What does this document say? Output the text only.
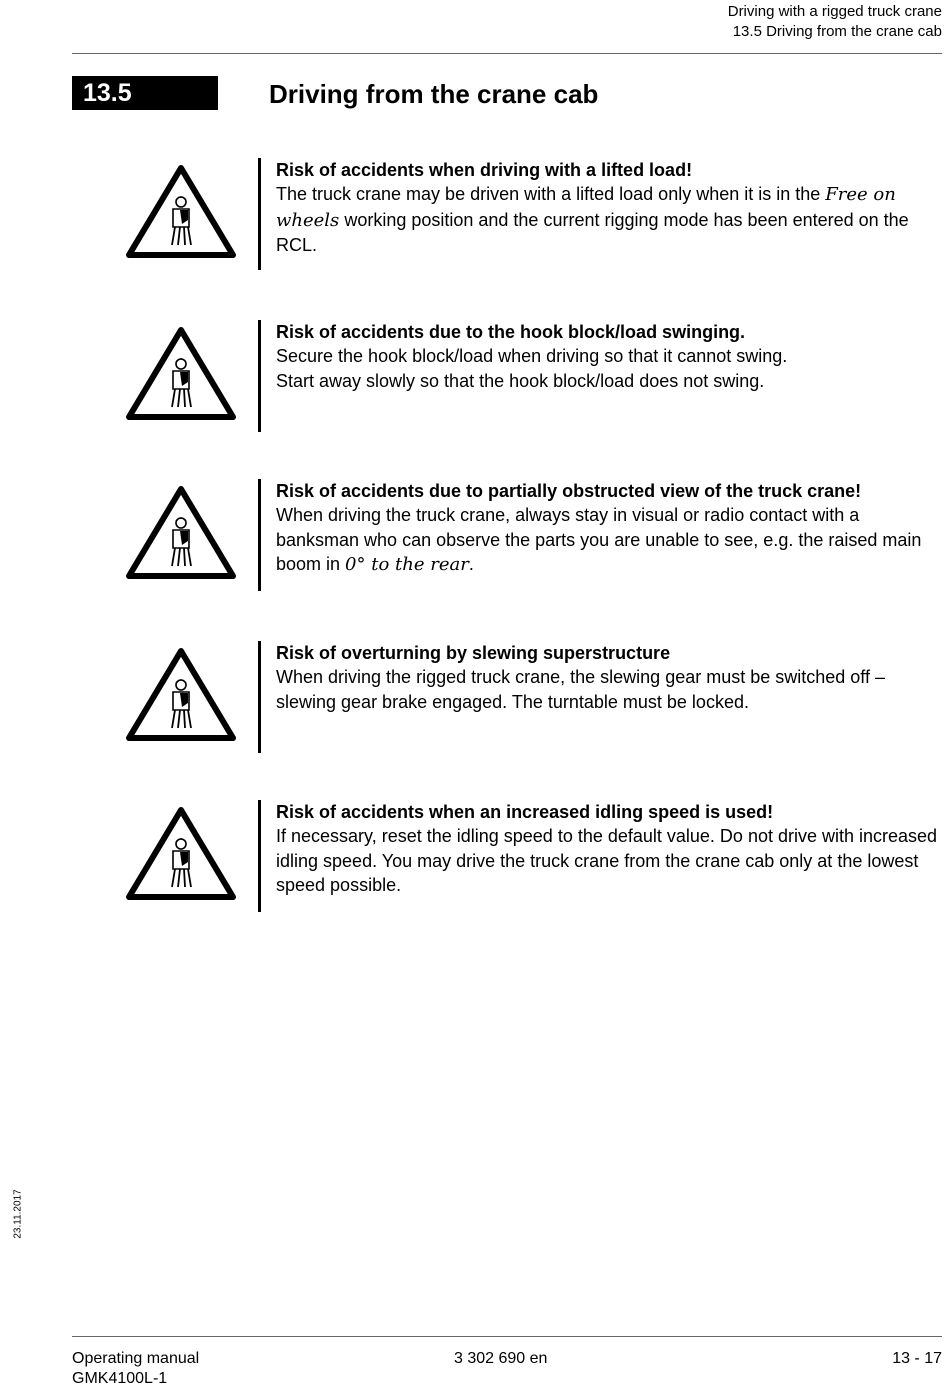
Driving with a rigged truck crane
13.5 Driving from the crane cab
13.5	Driving from the crane cab
Risk of accidents when driving with a lifted load!
The truck crane may be driven with a lifted load only when it is in the Free on wheels working position and the current rigging mode has been entered on the RCL.
Risk of accidents due to the hook block/load swinging.
Secure the hook block/load when driving so that it cannot swing.
Start away slowly so that the hook block/load does not swing.
Risk of accidents due to partially obstructed view of the truck crane!
When driving the truck crane, always stay in visual or radio contact with a banksman who can observe the parts you are unable to see, e.g. the raised main boom in 0° to the rear.
Risk of overturning by slewing superstructure
When driving the rigged truck crane, the slewing gear must be switched off – slewing gear brake engaged. The turntable must be locked.
Risk of accidents when an increased idling speed is used!
If necessary, reset the idling speed to the default value. Do not drive with increased idling speed. You may drive the truck crane from the crane cab only at the lowest speed possible.
23.11.2017
Operating manual
GMK4100L-1
3 302 690 en	13 - 17
